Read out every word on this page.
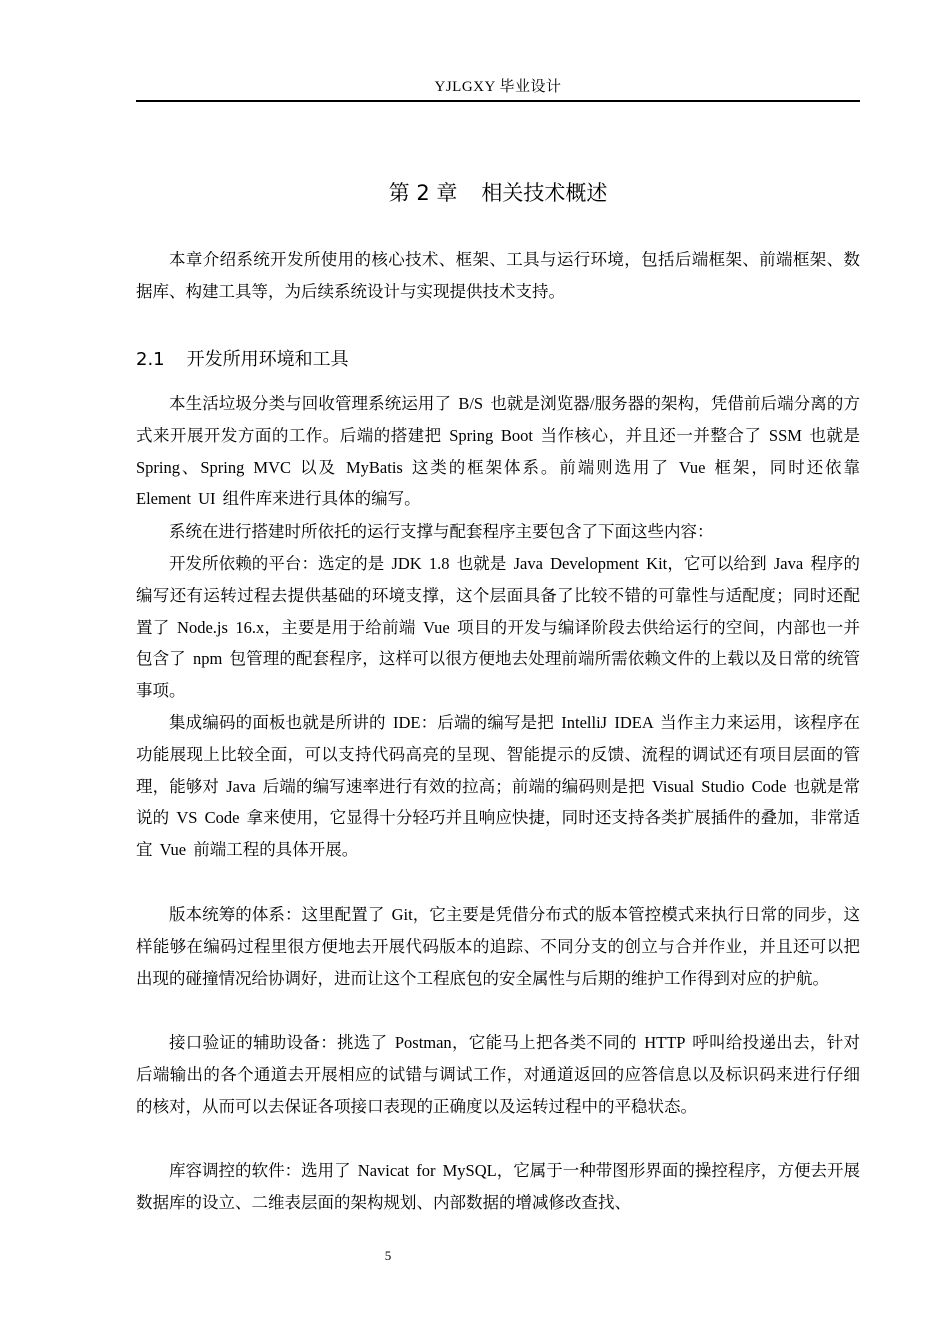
YJLGXY 毕业设计
第 2 章 相关技术概述

本章介绍系统开发所使用的核心技术、框架、工具与运行环境，包括后端框架、前端框架、数据库、构建工具等，为后续系统设计与实现提供技术支持。

2.1 开发所用环境和工具

本生活垃圾分类与回收管理系统运用了 B/S 也就是浏览器/服务器的架构，凭借前后端分离的方式来开展开发方面的工作。后端的搭建把 Spring Boot 当作核心，并且还一并整合了 SSM 也就是 Spring、Spring MVC 以及 MyBatis 这类的框架体系。前端则选用了 Vue 框架，同时还依靠 Element UI 组件库来进行具体的编写。

系统在进行搭建时所依托的运行支撑与配套程序主要包含了下面这些内容：

开发所依赖的平台：选定的是 JDK 1.8 也就是 Java Development Kit，它可以给到 Java 程序的编写还有运转过程去提供基础的环境支撑，这个层面具备了比较不错的可靠性与适配度；同时还配置了 Node.js 16.x，主要是用于给前端 Vue 项目的开发与编译阶段去供给运行的空间，内部也一并包含了 npm 包管理的配套程序，这样可以很方便地去处理前端所需依赖文件的上载以及日常的统管事项。

集成编码的面板也就是所讲的 IDE：后端的编写是把 IntelliJ IDEA 当作主力来运用，该程序在功能展现上比较全面，可以支持代码高亮的呈现、智能提示的反馈、流程的调试还有项目层面的管理，能够对 Java 后端的编写速率进行有效的拉高；前端的编码则是把 Visual Studio Code 也就是常说的 VS Code 拿来使用，它显得十分轻巧并且响应快捷，同时还支持各类扩展插件的叠加，非常适宜 Vue 前端工程的具体开展。

版本统筹的体系：这里配置了 Git，它主要是凭借分布式的版本管控模式来执行日常的同步，这样能够在编码过程里很方便地去开展代码版本的追踪、不同分支的创立与合并作业，并且还可以把出现的碰撞情况给协调好，进而让这个工程底包的安全属性与后期的维护工作得到对应的护航。

接口验证的辅助设备：挑选了 Postman，它能马上把各类不同的 HTTP 呼叫给投递出去，针对后端输出的各个通道去开展相应的试错与调试工作，对通道返回的应答信息以及标识码来进行仔细的核对，从而可以去保证各项接口表现的正确度以及运转过程中的平稳状态。

库容调控的软件：选用了 Navicat for MySQL，它属于一种带图形界面的操控程序，方便去开展数据库的设立、二维表层面的架构规划、内部数据的增减修改查找、

5
